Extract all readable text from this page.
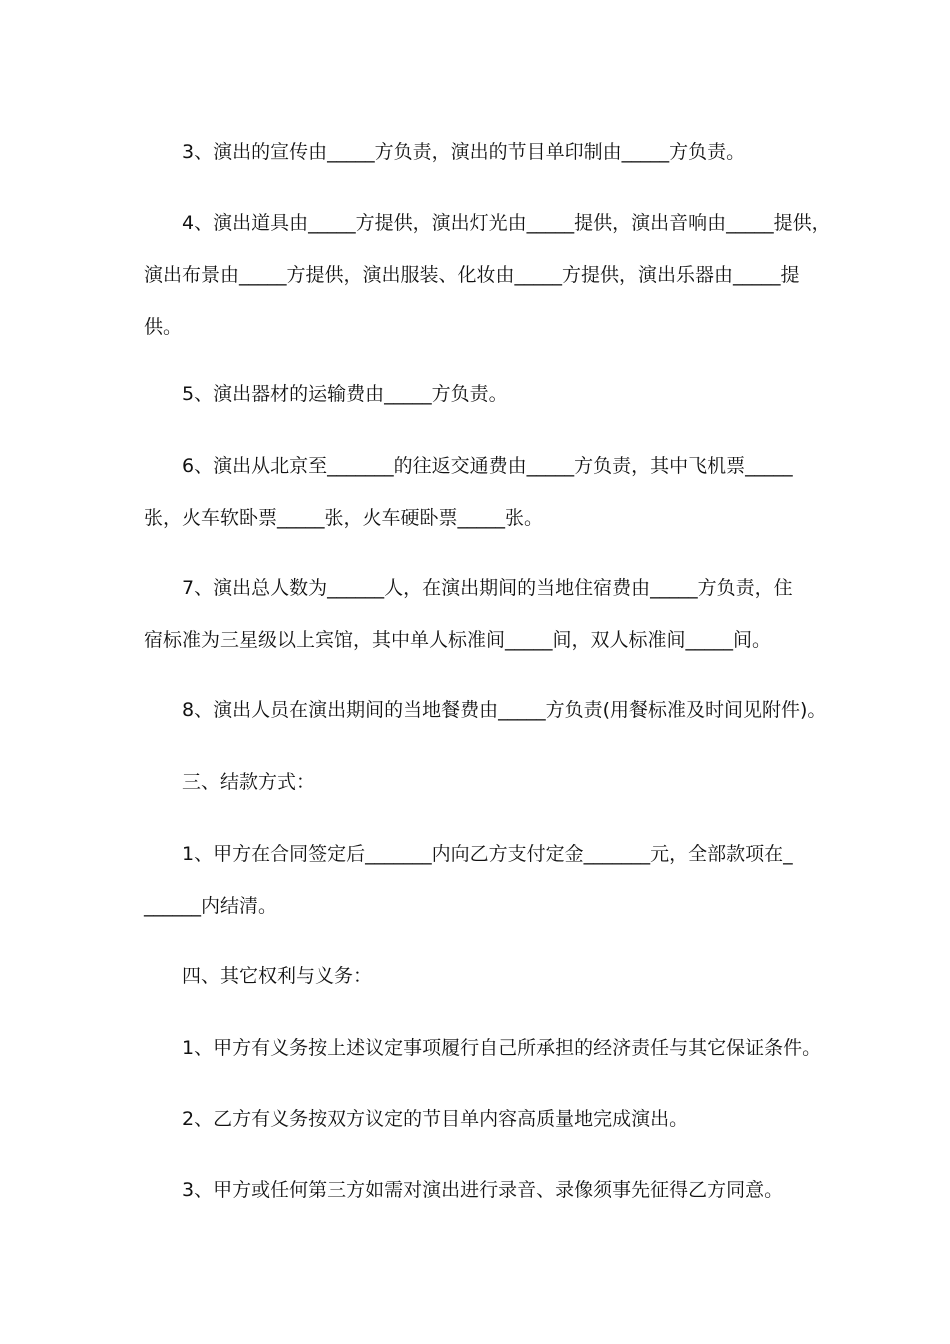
3、演出的宣传由_____方负责，演出的节目单印制由_____方负责。

4、演出道具由_____方提供，演出灯光由_____提供，演出音响由_____提供，
演出布景由_____方提供，演出服装、化妆由_____方提供，演出乐器由_____提
供。

5、演出器材的运输费由_____方负责。

6、演出从北京至_______的往返交通费由_____方负责，其中飞机票_____
张，火车软卧票_____张，火车硬卧票_____张。

7、演出总人数为______人，在演出期间的当地住宿费由_____方负责，住
宿标准为三星级以上宾馆，其中单人标准间_____间，双人标准间_____间。

8、演出人员在演出期间的当地餐费由_____方负责(用餐标准及时间见附件)。

三、结款方式：

1、甲方在合同签定后_______内向乙方支付定金_______元，全部款项在_
______内结清。

四、其它权利与义务：

1、甲方有义务按上述议定事项履行自己所承担的经济责任与其它保证条件。

2、乙方有义务按双方议定的节目单内容高质量地完成演出。

3、甲方或任何第三方如需对演出进行录音、录像须事先征得乙方同意。
